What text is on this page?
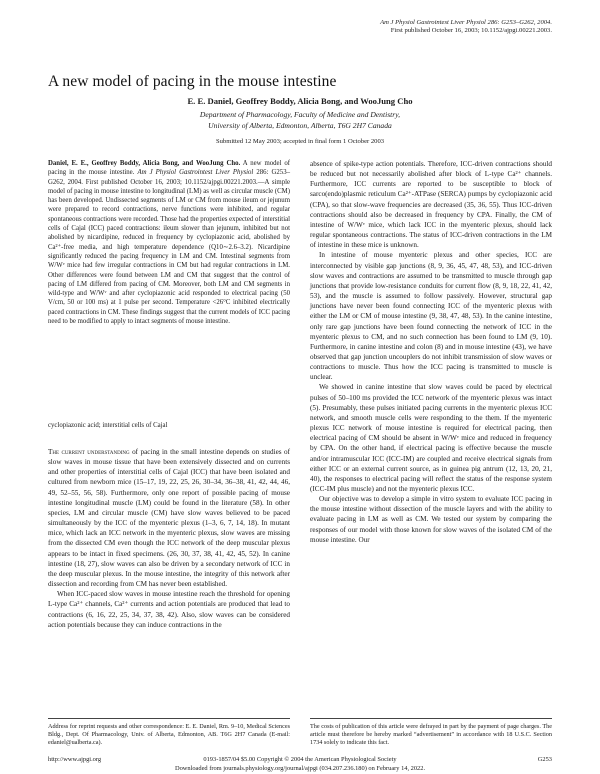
Am J Physiol Gastrointest Liver Physiol 286: G253–G262, 2004.
First published October 16, 2003; 10.1152/ajpgi.00221.2003.
A new model of pacing in the mouse intestine
E. E. Daniel, Geoffrey Boddy, Alicia Bong, and WooJung Cho
Department of Pharmacology, Faculty of Medicine and Dentistry,
University of Alberta, Edmonton, Alberta, T6G 2H7 Canada
Submitted 12 May 2003; accepted in final form 1 October 2003
Daniel, E. E., Geoffrey Boddy, Alicia Bong, and WooJung Cho. A new model of pacing in the mouse intestine. Am J Physiol Gastrointest Liver Physiol 286: G253–G262, 2004. First published October 16, 2003; 10.1152/ajpgi.00221.2003.—A simple model of pacing in mouse intestine to longitudinal (LM) as well as circular muscle (CM) has been developed. Undissected segments of LM or CM from mouse ileum or jejunum were prepared to record contractions, nerve functions were inhibited, and regular spontaneous contractions were recorded. Those had the properties expected of interstitial cells of Cajal (ICC) paced contractions: ileum slower than jejunum, inhibited but not abolished by nicardipine, reduced in frequency by cyclopiazonic acid, abolished by Ca²⁺-free media, and high temperature dependence (Q10∼2.6–3.2). Nicardipine significantly reduced the pacing frequency in LM and CM. Intestinal segments from W/Wᵛ mice had few irregular contractions in CM but had regular contractions in LM. Other differences were found between LM and CM that suggest that the control of pacing of LM differed from pacing of CM. Moreover, both LM and CM segments in wild-type and W/Wᵛ and after cyclopiazonic acid responded to electrical pacing (50 V/cm, 50 or 100 ms) at 1 pulse per second. Temperature <26°C inhibited electrically paced contractions in CM. These findings suggest that the current models of ICC pacing need to be modified to apply to intact segments of mouse intestine.
cyclopiazonic acid; interstitial cells of Cajal

The current understanding of pacing in the small intestine depends on studies of slow waves in mouse tissue that have been extensively dissected and on currents and other properties of interstitial cells of Cajal (ICC) that have been isolated and cultured from newborn mice (15–17, 19, 22, 25, 26, 30–34, 36–38, 41, 42, 44, 46, 49, 52–55, 56, 58). Furthermore, only one report of possible pacing of mouse intestine longitudinal muscle (LM) could be found in the literature (58). In other species, LM and circular muscle (CM) have slow waves believed to be paced simultaneously by the ICC of the myenteric plexus (1–3, 6, 7, 14, 18). In mutant mice, which lack an ICC network in the myenteric plexus, slow waves are missing from the dissected CM even though the ICC network of the deep muscular plexus appears to be intact in fixed specimens. (26, 30, 37, 38, 41, 42, 45, 52). In canine intestine (18, 27), slow waves can also be driven by a secondary network of ICC in the deep muscular plexus. In the mouse intestine, the integrity of this network after dissection and recording from CM has never been established.

When ICC-paced slow waves in mouse intestine reach the threshold for opening L-type Ca²⁺ channels, Ca²⁺ currents and action potentials are produced that lead to contractions (6, 16, 22, 25, 34, 37, 38, 42). Also, slow waves can be considered action potentials because they can induce contractions in the

absence of spike-type action potentials. Therefore, ICC-driven contractions should be reduced but not necessarily abolished after block of L-type Ca²⁺ channels. Furthermore, ICC currents are reported to be susceptible to block of sarco(endo)plasmic reticulum Ca²⁺-ATPase (SERCA) pumps by cyclopiazonic acid (CPA), so that slow-wave frequencies are decreased (35, 36, 55). Thus ICC-driven contractions should also be decreased in frequency by CPA. Finally, the CM of intestine of W/Wᵛ mice, which lack ICC in the myenteric plexus, should lack regular spontaneous contractions. The status of ICC-driven contractions in the LM of intestine in these mice is unknown.

In intestine of mouse myenteric plexus and other species, ICC are interconnected by visible gap junctions (8, 9, 36, 45, 47, 48, 53), and ICC-driven slow waves and contractions are assumed to be transmitted to muscle through gap junctions that provide low-resistance conduits for current flow (8, 9, 18, 22, 41, 42, 53), and the muscle is assumed to follow passively. However, structural gap junctions have never been found connecting ICC of the myenteric plexus with either the LM or CM of mouse intestine (9, 38, 47, 48, 53). In the canine intestine, only rare gap junctions have been found connecting the network of ICC in the myenteric plexus to CM, and no such connection has been found to LM (9, 10). Furthermore, in canine intestine and colon (8) and in mouse intestine (43), we have observed that gap junction uncouplers do not inhibit transmission of slow waves or contractions to muscle. Thus how the ICC pacing is transmitted to muscle is unclear.

We showed in canine intestine that slow waves could be paced by electrical pulses of 50–100 ms provided the ICC network of the myenteric plexus was intact (5). Presumably, these pulses initiated pacing currents in the myenteric plexus ICC network, and smooth muscle cells were responding to the them. If the myenteric plexus ICC network of mouse intestine is required for electrical pacing, then electrical pacing of CM should be absent in W/Wᵛ mice and reduced in frequency by CPA. On the other hand, if electrical pacing is effective because the muscle and/or intramuscular ICC (ICC-IM) are coupled and receive electrical signals from either ICC or an external current source, as in guinea pig antrum (12, 13, 20, 21, 40), the responses to electrical pacing will reflect the status of the response system (ICC-IM plus muscle) and not the myenteric plexus ICC.

Our objective was to develop a simple in vitro system to evaluate ICC pacing in the mouse intestine without dissection of the muscle layers and with the ability to evaluate pacing in LM as well as CM. We tested our system by comparing the responses of our model with those known for slow waves of the isolated CM of the mouse intestine. Our

Address for reprint requests and other correspondence: E. E. Daniel, Rm. 9–10, Medical Sciences Bldg., Dept. Of Pharmacology, Univ. of Alberta, Edmonton, AB. T6G 2H7 Canada (E-mail: edaniel@ualberta.ca).
The costs of publication of this article were defrayed in part by the payment of page charges. The article must therefore be hereby marked “advertisement” in accordance with 18 U.S.C. Section 1734 solely to indicate this fact.
http://www.ajpgi.org	0193-1857/04 $5.00 Copyright © 2004 the American Physiological Society	G253
Downloaded from journals.physiology.org/journal/ajpgi (034.207.236.180) on February 14, 2022.
